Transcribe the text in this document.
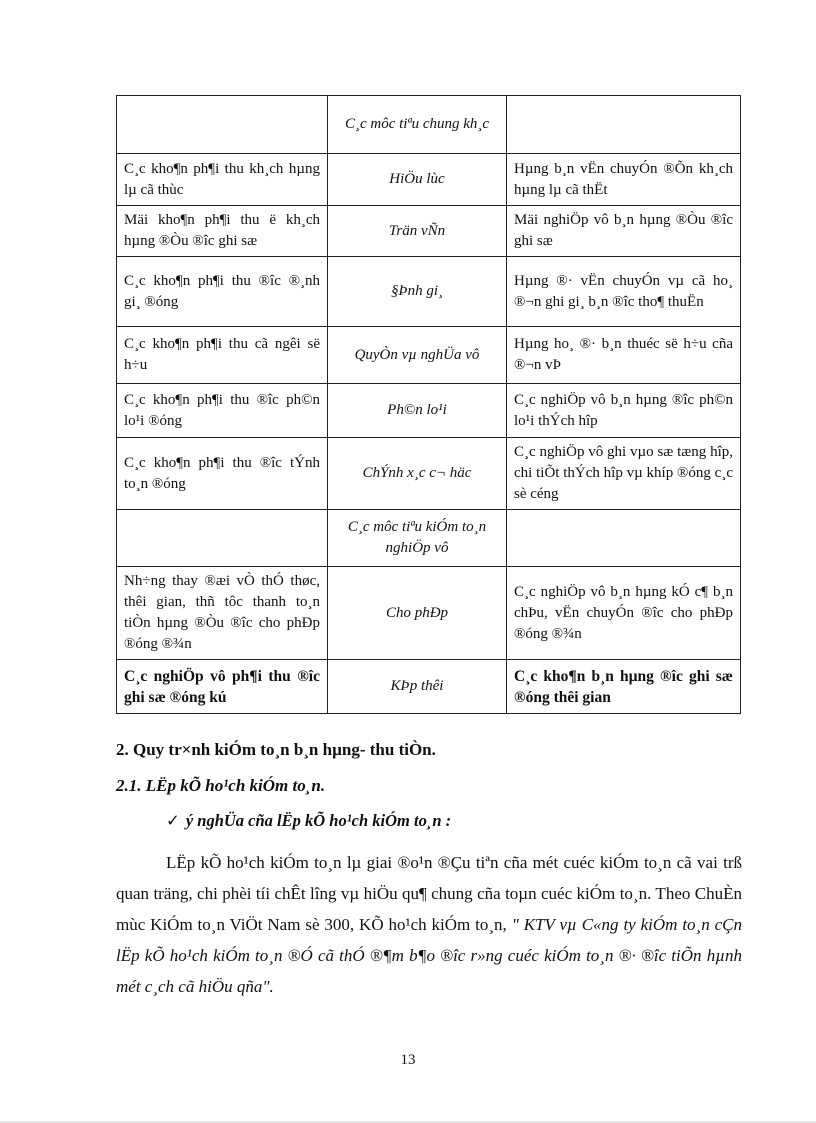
	C¸c môc tiªu chung kh¸c	
C¸c kho¶n ph¶i thu kh¸ch hµng lµ cã thùc	HiÖu lùc	Hµng b¸n vËn chuyÓn ®Õn kh¸ch hµng lµ cã thËt
Mäi kho¶n ph¶i thu ë kh¸ch hµng ®Òu ®îc ghi sæ	Trän vÑn	Mäi nghiÖp vô b¸n hµng ®Òu ®îc ghi sæ
C¸c kho¶n ph¶i thu ®îc ®¸nh gi¸ ®óng	§Þnh gi¸	Hµng ®· vËn chuyÓn vµ cã ho¸ ®¬n ghi gi¸ b¸n ®îc tho¶ thuËn
C¸c kho¶n ph¶i thu cã ngêi së h÷u	QuyÒn vµ nghÜa vô	Hµng ho¸ ®· b¸n thuéc së h÷u cña ®¬n vÞ
C¸c kho¶n ph¶i thu ®îc ph©n lo¹i ®óng	Ph©n lo¹i	C¸c nghiÖp vô b¸n hµng ®îc ph©n lo¹i thÝch hîp
C¸c kho¶n ph¶i thu ®îc tÝnh to¸n ®óng	ChÝnh x¸c c¬ häc	C¸c nghiÖp vô ghi vµo sæ tæng hîp, chi tiÕt thÝch hîp vµ khíp ®óng c¸c sè céng
	C¸c môc tiªu kiÓm to¸n nghiÖp vô	
Nh÷ng thay ®æi vÒ thÓ thøc, thêi gian, thñ tôc thanh to¸n tiÒn hµng ®Òu ®îc cho phÐp ®óng ®¾n	Cho phÐp	C¸c nghiÖp vô b¸n hµng kÓ c¶ b¸n chÞu, vËn chuyÓn ®îc cho phÐp ®óng ®¾n
C¸c nghiÖp vô ph¶i thu ®îc ghi sæ ®óng kú	KÞp thêi	C¸c kho¶n b¸n hµng ®îc ghi sæ ®óng thêi gian
2. Quy tr×nh kiÓm to¸n b¸n hµng- thu tiÒn.
2.1. LËp kÕ ho¹ch kiÓm to¸n.
✓ ý nghÜa cña lËp kÕ ho¹ch kiÓm to¸n :

LËp kÕ ho¹ch kiÓm to¸n lµ giai ®o¹n ®Çu tiªn cña mét cuéc kiÓm to¸n cã vai trß quan träng, chi phèi tíi chÊt lîng vµ hiÖu qu¶ chung cña toµn cuéc kiÓm to¸n. Theo ChuÈn mùc KiÓm to¸n ViÖt Nam sè 300, KÕ ho¹ch kiÓm to¸n, " KTV vµ C«ng ty kiÓm to¸n cÇn lËp kÕ ho¹ch kiÓm to¸n ®Ó cã thÓ ®¶m b¶o ®îc r»ng cuéc kiÓm to¸n ®· ®îc tiÕn hµnh mét c¸ch cã hiÖu qña".

13
